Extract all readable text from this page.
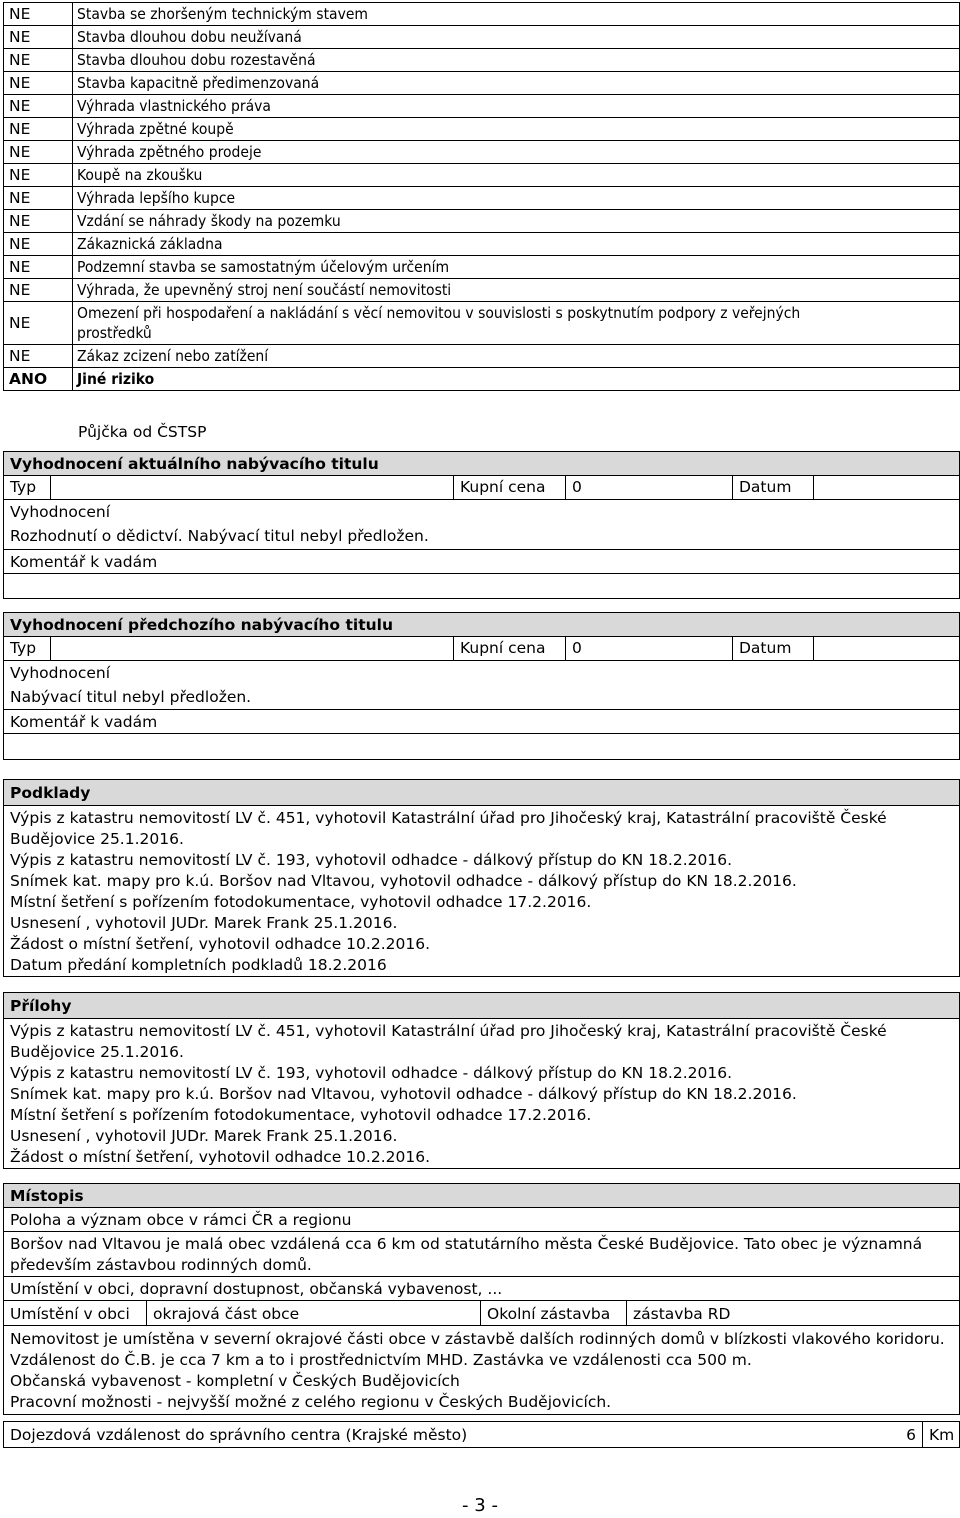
NE	Stavba se zhoršeným technickým stavem
NE	Stavba dlouhou dobu neužívaná
NE	Stavba dlouhou dobu rozestavěná
NE	Stavba kapacitně předimenzovaná
NE	Výhrada vlastnického práva
NE	Výhrada zpětné koupě
NE	Výhrada zpětného prodeje
NE	Koupě na zkoušku
NE	Výhrada lepšího kupce
NE	Vzdání se náhrady škody na pozemku
NE	Zákaznická základna
NE	Podzemní stavba se samostatným účelovým určením
NE	Výhrada, že upevněný stroj není součástí nemovitosti
NE	Omezení při hospodaření a nakládání s věcí nemovitou v souvislosti s poskytnutím podpory z veřejných prostředků
NE	Zákaz zcizení nebo zatížení
ANO	Jiné riziko
Půjčka od ČSTSP
Vyhodnocení aktuálního nabývacího titulu
Typ	Kupní cena	0	Datum
Vyhodnocení
Rozhodnutí o dědictví. Nabývací titul nebyl předložen.
Komentář k vadám
Vyhodnocení předchozího nabývacího titulu
Typ	Kupní cena	0	Datum
Vyhodnocení
Nabývací titul nebyl předložen.
Komentář k vadám
Podklady
Výpis z katastru nemovitostí LV č. 451, vyhotovil Katastrální úřad pro Jihočeský kraj, Katastrální pracoviště České Budějovice 25.1.2016.
Výpis z katastru nemovitostí LV č. 193, vyhotovil odhadce - dálkový přístup do KN 18.2.2016.
Snímek kat. mapy pro k.ú. Boršov nad Vltavou, vyhotovil odhadce - dálkový přístup do KN 18.2.2016.
Místní šetření s pořízením fotodokumentace, vyhotovil odhadce 17.2.2016.
Usnesení , vyhotovil JUDr. Marek Frank 25.1.2016.
Žádost o místní šetření, vyhotovil odhadce 10.2.2016.
Datum předání kompletních podkladů 18.2.2016
Přílohy
Výpis z katastru nemovitostí LV č. 451, vyhotovil Katastrální úřad pro Jihočeský kraj, Katastrální pracoviště České Budějovice 25.1.2016.
Výpis z katastru nemovitostí LV č. 193, vyhotovil odhadce - dálkový přístup do KN 18.2.2016.
Snímek kat. mapy pro k.ú. Boršov nad Vltavou, vyhotovil odhadce - dálkový přístup do KN 18.2.2016.
Místní šetření s pořízením fotodokumentace, vyhotovil odhadce 17.2.2016.
Usnesení , vyhotovil JUDr. Marek Frank 25.1.2016.
Žádost o místní šetření, vyhotovil odhadce 10.2.2016.
Místopis
Poloha a význam obce v rámci ČR a regionu
Boršov nad Vltavou je malá obec vzdálená cca 6 km od statutárního města České Budějovice. Tato obec je významná především zástavbou rodinných domů.
Umístění v obci, dopravní dostupnost, občanská vybavenost, ...
Umístění v obci	okrajová část obce	Okolní zástavba	zástavba RD
Nemovitost je umístěna v severní okrajové části obce v zástavbě dalších rodinných domů v blízkosti vlakového koridoru.
Vzdálenost do Č.B. je cca 7 km a to i prostřednictvím MHD. Zastávka ve vzdálenosti cca 500 m.
Občanská vybavenost - kompletní v Českých Budějovicích
Pracovní možnosti - nejvyšší možné z celého regionu v Českých Budějovicích.
Dojezdová vzdálenost do správního centra (Krajské město)	6 Km
- 3 -
